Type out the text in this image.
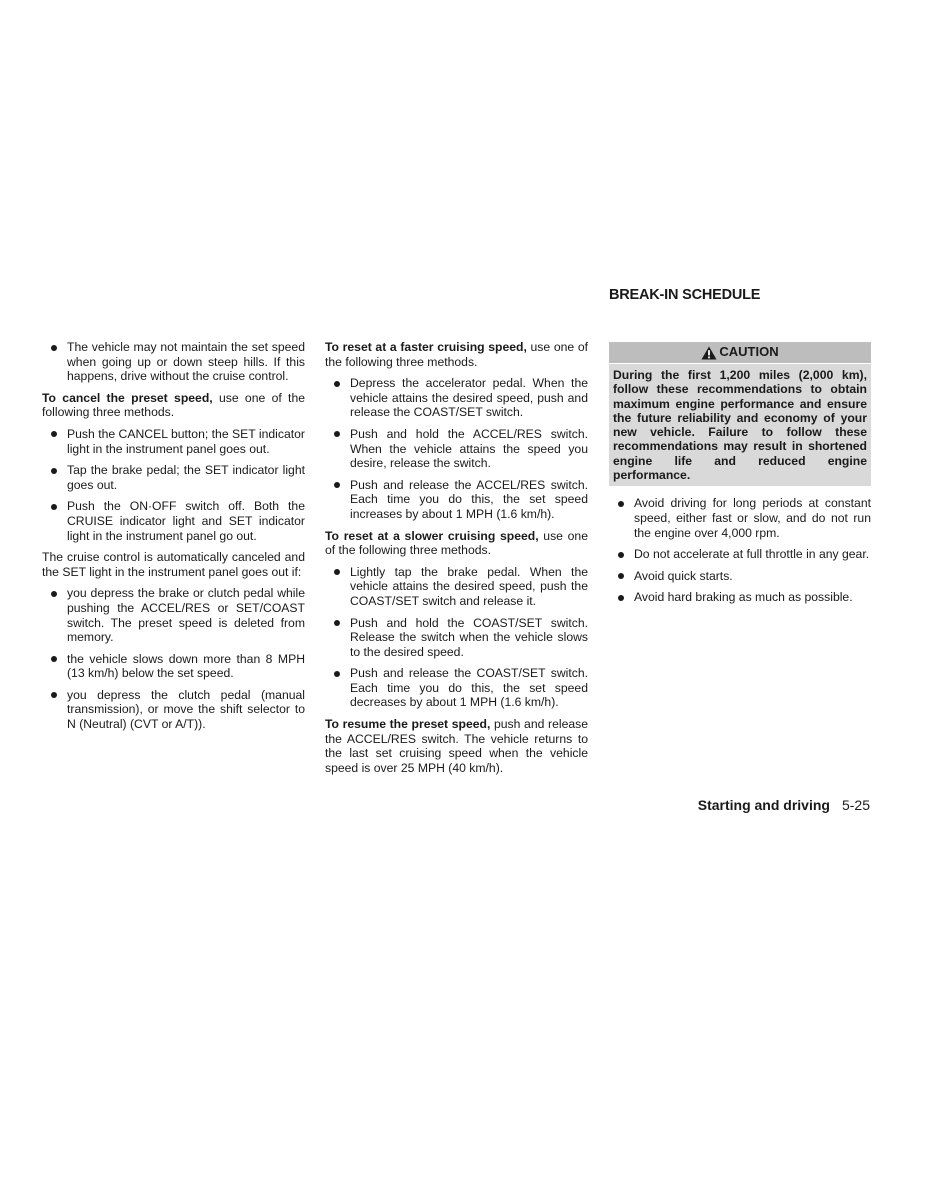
BREAK-IN SCHEDULE
The vehicle may not maintain the set speed when going up or down steep hills. If this happens, drive without the cruise control.

To cancel the preset speed, use one of the following three methods.

Push the CANCEL button; the SET indicator light in the instrument panel goes out.
Tap the brake pedal; the SET indicator light goes out.
Push the ON·OFF switch off. Both the CRUISE indicator light and SET indicator light in the instrument panel go out.

The cruise control is automatically canceled and the SET light in the instrument panel goes out if:

you depress the brake or clutch pedal while pushing the ACCEL/RES or SET/COAST switch. The preset speed is deleted from memory.
the vehicle slows down more than 8 MPH (13 km/h) below the set speed.
you depress the clutch pedal (manual transmission), or move the shift selector to N (Neutral) (CVT or A/T)).

To reset at a faster cruising speed, use one of the following three methods.

Depress the accelerator pedal. When the vehicle attains the desired speed, push and release the COAST/SET switch.
Push and hold the ACCEL/RES switch. When the vehicle attains the speed you desire, release the switch.
Push and release the ACCEL/RES switch. Each time you do this, the set speed increases by about 1 MPH (1.6 km/h).

To reset at a slower cruising speed, use one of the following three methods.

Lightly tap the brake pedal. When the vehicle attains the desired speed, push the COAST/SET switch and release it.
Push and hold the COAST/SET switch. Release the switch when the vehicle slows to the desired speed.
Push and release the COAST/SET switch. Each time you do this, the set speed decreases by about 1 MPH (1.6 km/h).

To resume the preset speed, push and release the ACCEL/RES switch. The vehicle returns to the last set cruising speed when the vehicle speed is over 25 MPH (40 km/h).

CAUTION
During the first 1,200 miles (2,000 km), follow these recommendations to obtain maximum engine performance and ensure the future reliability and economy of your new vehicle. Failure to follow these recommendations may result in shortened engine life and reduced engine performance.
Avoid driving for long periods at constant speed, either fast or slow, and do not run the engine over 4,000 rpm.
Do not accelerate at full throttle in any gear.
Avoid quick starts.
Avoid hard braking as much as possible.
Starting and driving 5-25
